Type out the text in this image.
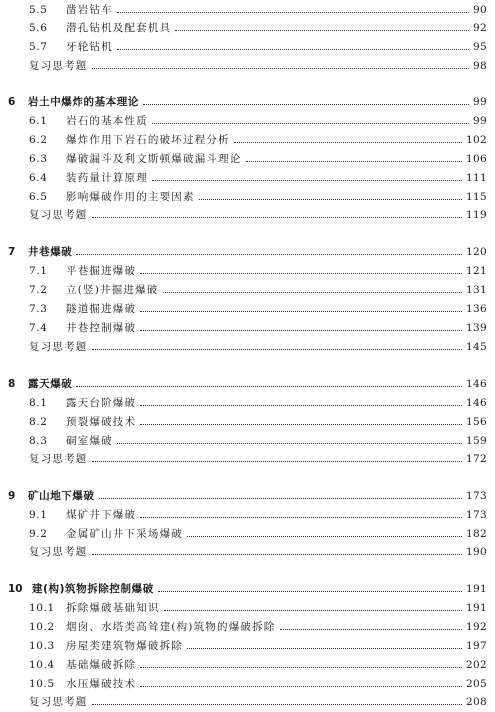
5.5	凿岩钻车	90
5.6	潜孔钻机及配套机具	92
5.7	牙轮钻机	95
复习思考题	98
6	岩土中爆炸的基本理论	99
6.1	岩石的基本性质	99
6.2	爆炸作用下岩石的破坏过程分析	102
6.3	爆破漏斗及利文斯顿爆破漏斗理论	106
6.4	装药量计算原理	111
6.5	影响爆破作用的主要因素	115
复习思考题	119
7	井巷爆破	120
7.1	平巷掘进爆破	121
7.2	立(竖)井掘进爆破	131
7.3	隧道掘进爆破	136
7.4	井巷控制爆破	139
复习思考题	145
8	露天爆破	146
8.1	露天台阶爆破	146
8.2	预裂爆破技术	156
8.3	硐室爆破	159
复习思考题	172
9	矿山地下爆破	173
9.1	煤矿井下爆破	173
9.2	金属矿山井下采场爆破	182
复习思考题	190
10 建(构)筑物拆除控制爆破	191
10.1	拆除爆破基础知识	191
10.2	烟囱、水塔类高耸建(构)筑物的爆破拆除	192
10.3	房屋类建筑物爆破拆除	197
10.4	基础爆破拆除	202
10.5	水压爆破技术	205
复习思考题	208
